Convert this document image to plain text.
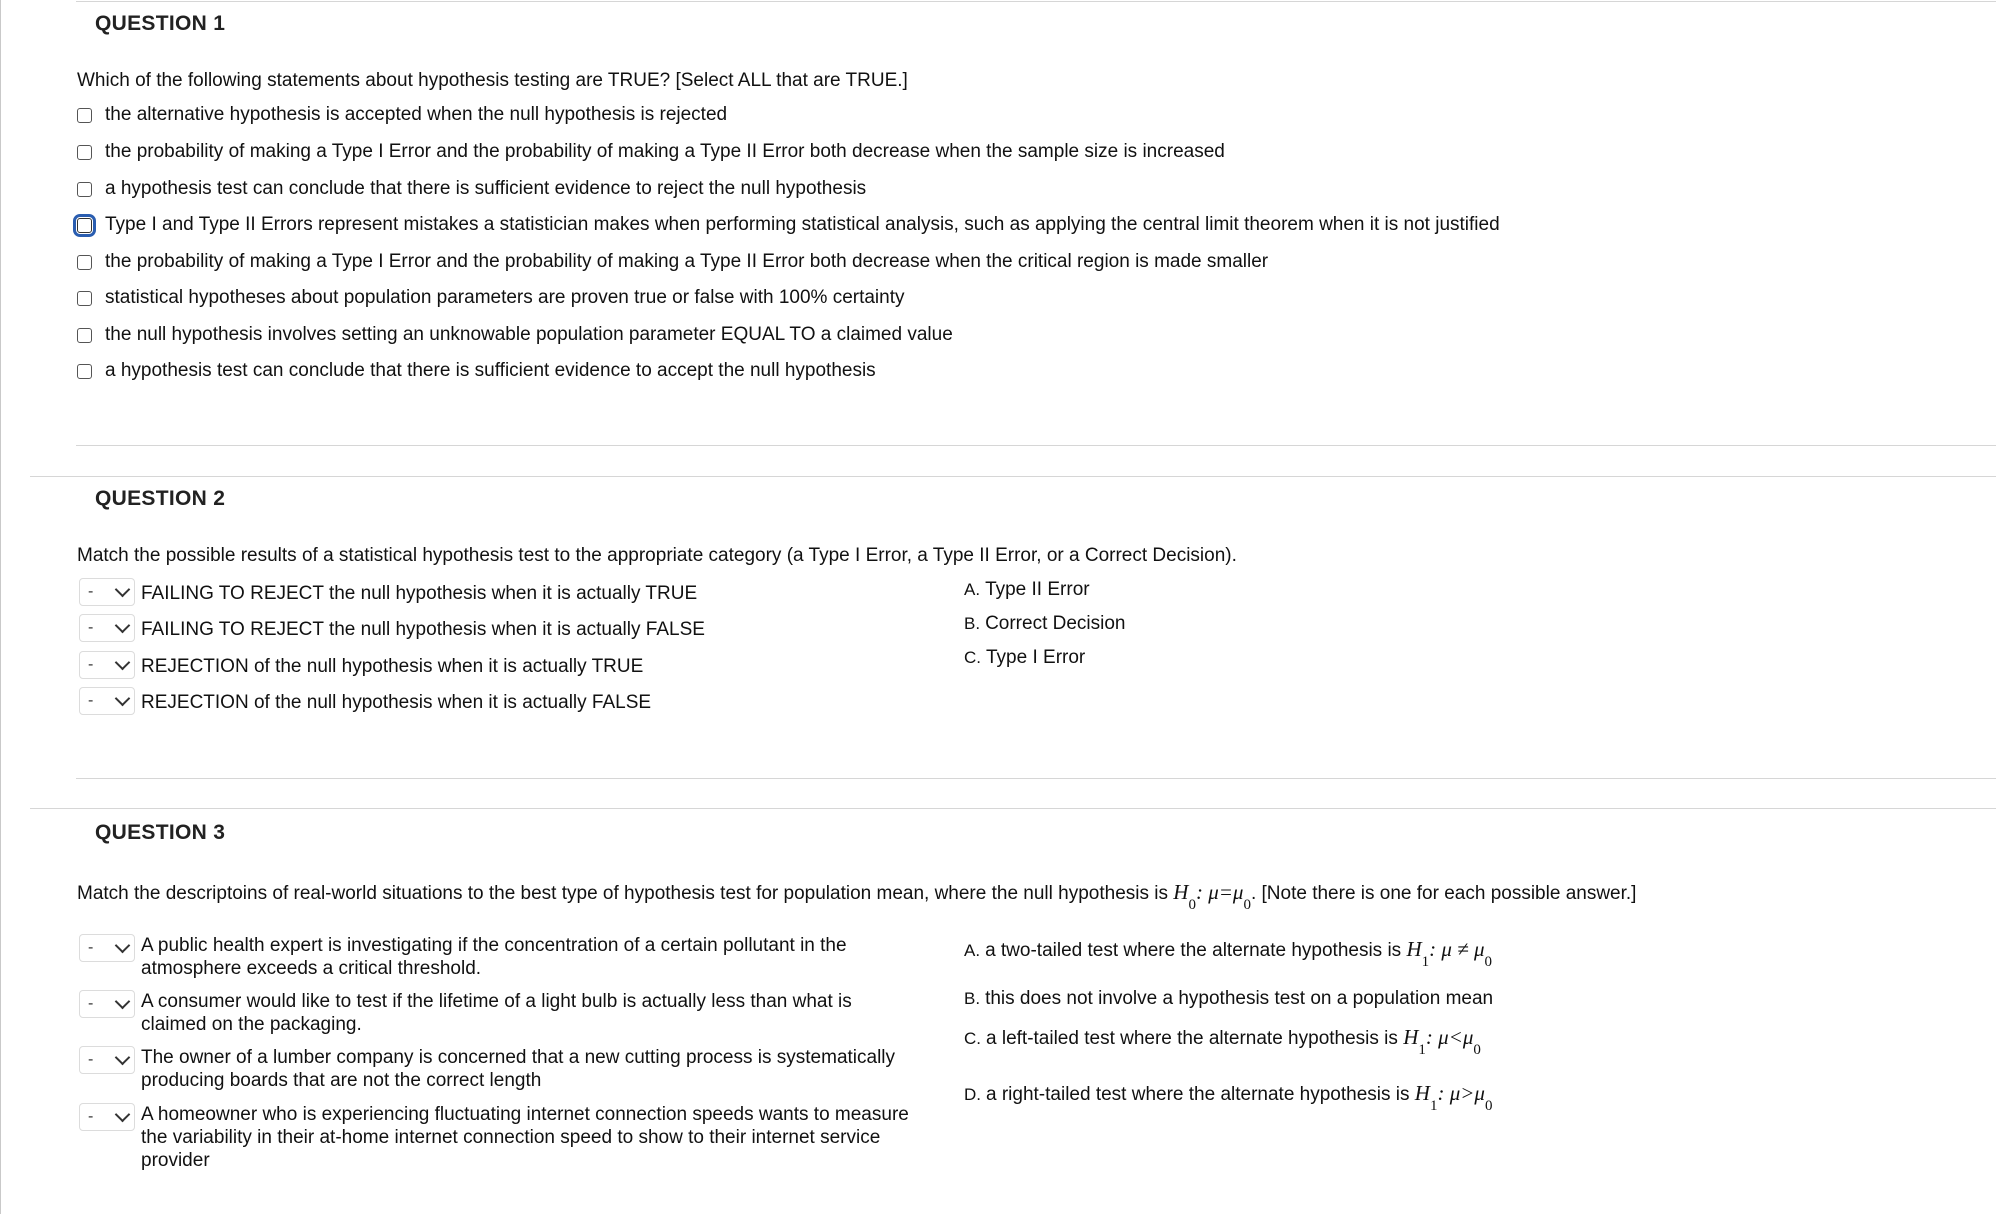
QUESTION 1
Which of the following statements about hypothesis testing are TRUE? [Select ALL that are TRUE.]
the alternative hypothesis is accepted when the null hypothesis is rejected
the probability of making a Type I Error and the probability of making a Type II Error both decrease when the sample size is increased
a hypothesis test can conclude that there is sufficient evidence to reject the null hypothesis
Type I and Type II Errors represent mistakes a statistician makes when performing statistical analysis, such as applying the central limit theorem when it is not justified
the probability of making a Type I Error and the probability of making a Type II Error both decrease when the critical region is made smaller
statistical hypotheses about population parameters are proven true or false with 100% certainty
the null hypothesis involves setting an unknowable population parameter EQUAL TO a claimed value
a hypothesis test can conclude that there is sufficient evidence to accept the null hypothesis
QUESTION 2
Match the possible results of a statistical hypothesis test to the appropriate category (a Type I Error, a Type II Error, or a Correct Decision).
-	FAILING TO REJECT the null hypothesis when it is actually TRUE
-	FAILING TO REJECT the null hypothesis when it is actually FALSE
-	REJECTION of the null hypothesis when it is actually TRUE
-	REJECTION of the null hypothesis when it is actually FALSE
A. Type II Error
B. Correct Decision
C. Type I Error
QUESTION 3
Match the descriptoins of real-world situations to the best type of hypothesis test for population mean, where the null hypothesis is $H_0$: $\mu=\mu_0$. [Note there is one for each possible answer.]
-	A public health expert is investigating if the concentration of a certain pollutant in the
atmosphere exceeds a critical threshold.
-	A consumer would like to test if the lifetime of a light bulb is actually less than what is
claimed on the packaging.
-	The owner of a lumber company is concerned that a new cutting process is systematically
producing boards that are not the correct length
-	A homeowner who is experiencing fluctuating internet connection speeds wants to measure
the variability in their at-home internet connection speed to show to their internet service
provider
A. a two-tailed test where the alternate hypothesis is
H
1
: μ ≠ μ
0
B. this does not involve a hypothesis test on a population mean
C. a left-tailed test where the alternate hypothesis is
H
1
: μ<μ
0
D. a right-tailed test where the alternate hypothesis is
H
1
: μ>μ
0
